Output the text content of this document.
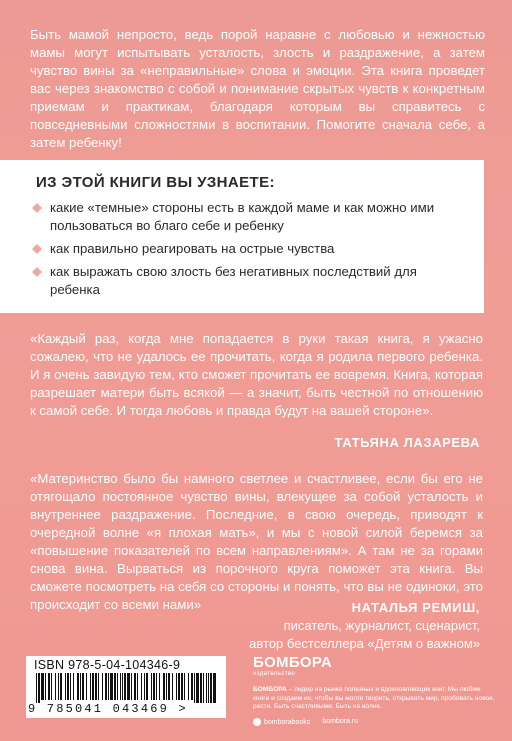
Быть мамой непросто, ведь порой наравне с любовью и нежностью мамы могут испытывать усталость, злость и раздражение, а затем чувство вины за «неправильные» слова и эмоции. Эта книга проведет вас через знакомство с собой и понимание скрытых чувств к конкретным приемам и практикам, благодаря которым вы справитесь с повседневными сложностями в воспитании. Помогите сначала себе, а затем ребенку!
ИЗ ЭТОЙ КНИГИ ВЫ УЗНАЕТЕ:
какие «темные» стороны есть в каждой маме и как можно ими пользоваться во благо себе и ребенку
как правильно реагировать на острые чувства
как выражать свою злость без негативных последствий для ребенка
«Каждый раз, когда мне попадается в руки такая книга, я ужасно сожалею, что не удалось ее прочитать, когда я родила первого ребенка. И я очень завидую тем, кто сможет прочитать ее вовремя. Книга, которая разрешает матери быть всякой — а значит, быть честной по отношению к самой себе. И тогда любовь и правда будут на вашей стороне».
ТАТЬЯНА ЛАЗАРЕВА
«Материнство было бы намного светлее и счастливее, если бы его не отягощало постоянное чувство вины, влекущее за собой усталость и внутреннее раздражение. Последние, в свою очередь, приводят к очередной волне «я плохая мать», и мы с новой силой беремся за «повышение показателей по всем направлениям». А там не за горами снова вина. Вырваться из порочного круга поможет эта книга. Вы сможете посмотреть на себя со стороны и понять, что вы не одиноки, это происходит со всеми нами»	НАТАЛЬЯ РЕМИШ,
писатель, журналист, сценарист,
автор бестселлера «Детям о важном»
ISBN 978-5-04-104346-9
9 785041 043469 >
БОМБОРА
издательство
БОМБОРА – лидер на рынке полезных и вдохновляющих книг. Мы любим книги и создаем их, чтобы вы могли творить, открывать мир, пробовать новое, расти. Быть счастливыми. Быть на волне.
bomborabooks bombora.ru
